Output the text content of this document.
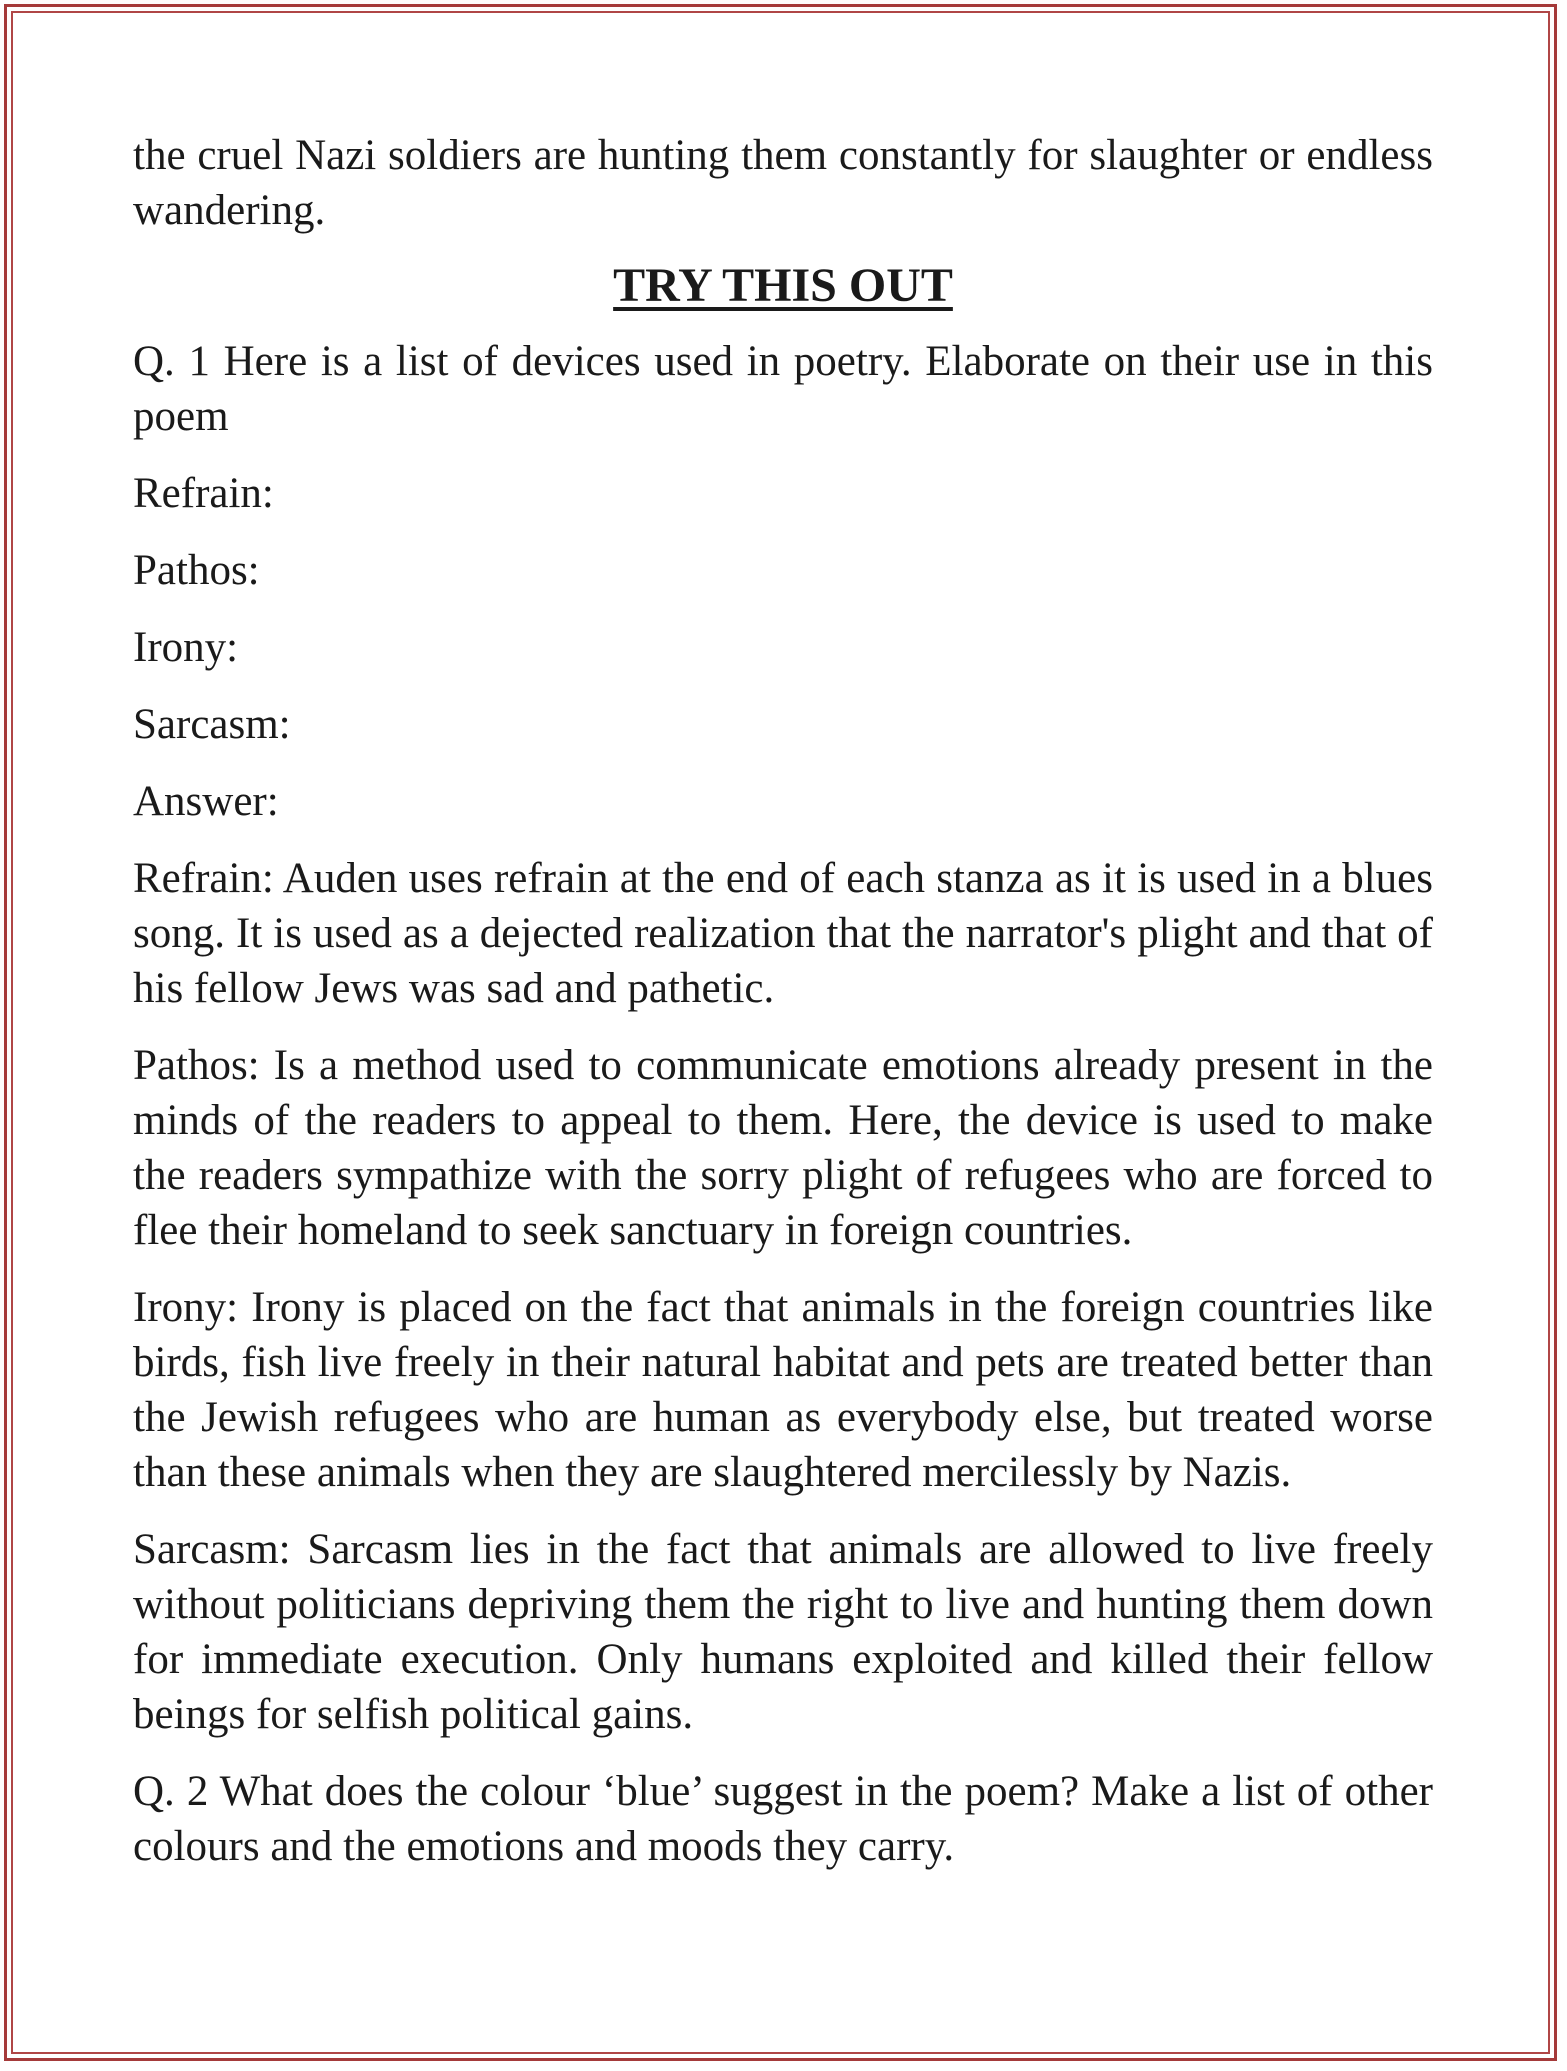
the cruel Nazi soldiers are hunting them constantly for slaughter or endless wandering.

TRY THIS OUT

Q. 1 Here is a list of devices used in poetry. Elaborate on their use in this poem

Refrain:

Pathos:

Irony:

Sarcasm:

Answer:

Refrain: Auden uses refrain at the end of each stanza as it is used in a blues song. It is used as a dejected realization that the narrator's plight and that of his fellow Jews was sad and pathetic.

Pathos: Is a method used to communicate emotions already present in the minds of the readers to appeal to them. Here, the device is used to make the readers sympathize with the sorry plight of refugees who are forced to flee their homeland to seek sanctuary in foreign countries.

Irony: Irony is placed on the fact that animals in the foreign countries like birds, fish live freely in their natural habitat and pets are treated better than the Jewish refugees who are human as everybody else, but treated worse than these animals when they are slaughtered mercilessly by Nazis.

Sarcasm: Sarcasm lies in the fact that animals are allowed to live freely without politicians depriving them the right to live and hunting them down for immediate execution. Only humans exploited and killed their fellow beings for selfish political gains.

Q. 2 What does the colour ‘blue’ suggest in the poem? Make a list of other colours and the emotions and moods they carry.
